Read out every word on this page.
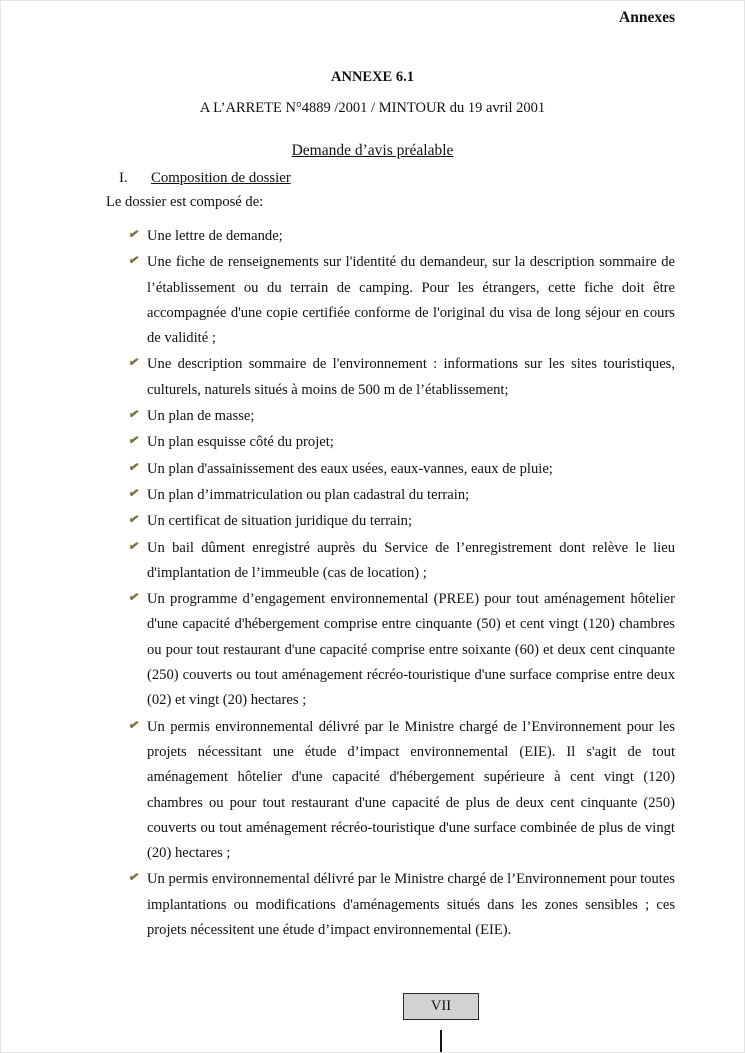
Annexes
ANNEXE 6.1
A L’ARRETE N°4889 /2001 / MINTOUR du 19 avril 2001
Demande d’avis préalable
I. Composition de dossier
Le dossier est composé de:
✔ Une lettre de demande;
✔ Une fiche de renseignements sur l'identité du demandeur, sur la description sommaire de l’établissement ou du terrain de camping. Pour les étrangers, cette fiche doit être accompagnée d'une copie certifiée conforme de l'original du visa de long séjour en cours de validité ;
✔ Une description sommaire de l'environnement : informations sur les sites touristiques, culturels, naturels situés à moins de 500 m de l’établissement;
✔ Un plan de masse;
✔ Un plan esquisse côté du projet;
✔ Un plan d'assainissement des eaux usées, eaux-vannes, eaux de pluie;
✔ Un plan d’immatriculation ou plan cadastral du terrain;
✔ Un certificat de situation juridique du terrain;
✔ Un bail dûment enregistré auprès du Service de l’enregistrement dont relève le lieu d'implantation de l’immeuble (cas de location) ;
✔ Un programme d’engagement environnemental (PREE) pour tout aménagement hôtelier d'une capacité d'hébergement comprise entre cinquante (50) et cent vingt (120) chambres ou pour tout restaurant d'une capacité comprise entre soixante (60) et deux cent cinquante (250) couverts ou tout aménagement récréo-touristique d'une surface comprise entre deux (02) et vingt (20) hectares ;
✔ Un permis environnemental délivré par le Ministre chargé de l’Environnement pour les projets nécessitant une étude d’impact environnemental (EIE). Il s'agit de tout aménagement hôtelier d'une capacité d'hébergement supérieure à cent vingt (120) chambres ou pour tout restaurant d'une capacité de plus de deux cent cinquante (250) couverts ou tout aménagement récréo-touristique d'une surface combinée de plus de vingt (20) hectares ;
✔ Un permis environnemental délivré par le Ministre chargé de l’Environnement pour toutes implantations ou modifications d'aménagements situés dans les zones sensibles ; ces projets nécessitent une étude d’impact environnemental (EIE).
VII
